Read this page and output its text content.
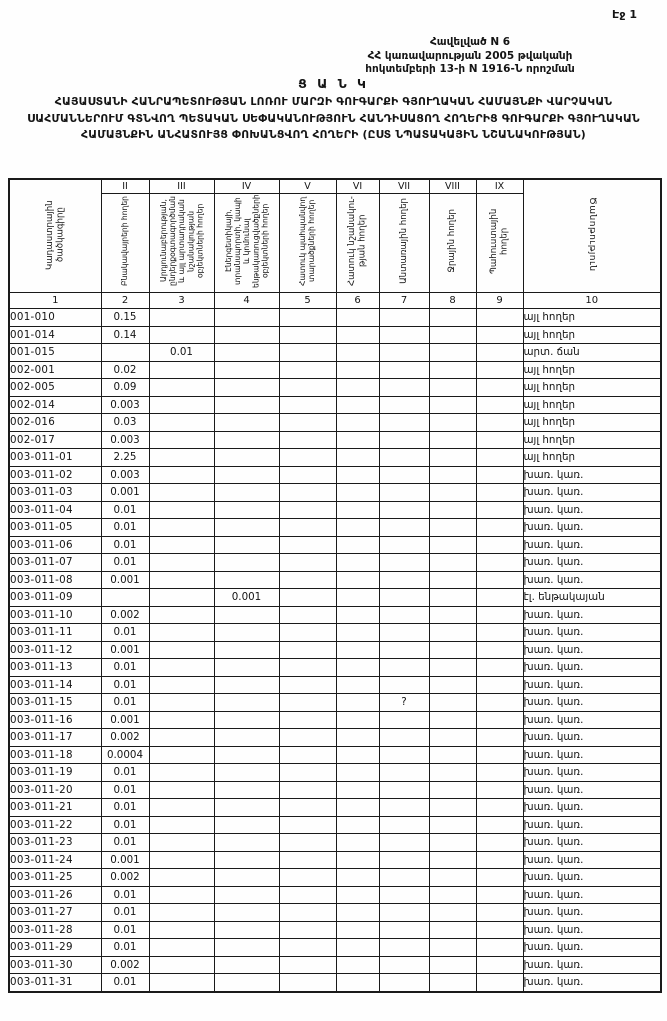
Էջ 1
Հավելված N 6
ՀՀ կառավարության 2005 թվականի
հոկտեմբերի 13-ի N 1916-Ն որոշման
Ց Ա Ն Կ
ՀԱՅԱՍՏԱՆԻ ՀԱՆՐԱՊԵՏՈՒԹՅԱՆ ԼՈՌՈՒ ՄԱՐԶԻ ԳՈՒԳԱՐՔԻ ԳՅՈՒՂԱԿԱՆ ՀԱՄԱՅՆՔԻ ՎԱՐՉԱԿԱՆ ՍԱՀՄԱՆՆԵՐՈՒՄ ԳՏՆՎՈՂ ՊԵՏԱԿԱՆ ՍԵՓԱԿԱՆՈՒԹՅՈՒՆ ՀԱՆԴԻՍԱՑՈՂ ՀՈՂԵՐԻՑ ԳՈՒԳԱՐՔԻ ԳՅՈՒՂԱԿԱՆ ՀԱՄԱՅՆՔԻՆ ԱՆՀԱՏՈՒՅՑ ՓՈԽԱՆՑՎՈՂ ՀՈՂԵՐԻ (ԸՍՏ ՆՊԱՏԱԿԱՅԻՆ ՆՇԱՆԱԿՈՒԹՅԱՆ)
Կադաստրային ծածկագիրը	II	III	IV	V	VI	VII	VIII	IX	Ծանոթություն
	Բնակավայրերի հողեր	Արդյունաբերության, ընդերքօգտագործման և այլ արտադրական նշանակության օբյեկտների հողեր	Էներգետիկայի, տրանսպորտի, կապի և կոմունալ ենթակառուցվածքների օբյեկտների հողեր	Հատուկ պահպանվող տարածքների հողեր	Հատուկ նշանակու-թյան հողեր	Անտառային հողեր	Ջրային հողեր	Պահուստային հողեր	
1	2	3	4	5	6	7	8	9	10
001-010	0.15								այլ հողեր
001-014	0.14								այլ հողեր
001-015		0.01							արտ. ճան
002-001	0.02								այլ հողեր
002-005	0.09								այլ հողեր
002-014	0.003								այլ հողեր
002-016	0.03								այլ հողեր
002-017	0.003								այլ հողեր
003-011-01	2.25								այլ հողեր
003-011-02	0.003								խառ. կառ.
003-011-03	0.001								խառ. կառ.
003-011-04	0.01								խառ. կառ.
003-011-05	0.01								խառ. կառ.
003-011-06	0.01								խառ. կառ.
003-011-07	0.01								խառ. կառ.
003-011-08	0.001								խառ. կառ.
003-011-09			0.001						էլ. ենթակայան
003-011-10	0.002								խառ. կառ.
003-011-11	0.01								խառ. կառ.
003-011-12	0.001								խառ. կառ.
003-011-13	0.01								խառ. կառ.
003-011-14	0.01								խառ. կառ.
003-011-15	0.01					?			խառ. կառ.
003-011-16	0.001								խառ. կառ.
003-011-17	0.002								խառ. կառ.
003-011-18	0.0004								խառ. կառ.
003-011-19	0.01								խառ. կառ.
003-011-20	0.01								խառ. կառ.
003-011-21	0.01								խառ. կառ.
003-011-22	0.01								խառ. կառ.
003-011-23	0.01								խառ. կառ.
003-011-24	0.001								խառ. կառ.
003-011-25	0.002								խառ. կառ.
003-011-26	0.01								խառ. կառ.
003-011-27	0.01								խառ. կառ.
003-011-28	0.01								խառ. կառ.
003-011-29	0.01								խառ. կառ.
003-011-30	0.002								խառ. կառ.
003-011-31	0.01								խառ. կառ.
